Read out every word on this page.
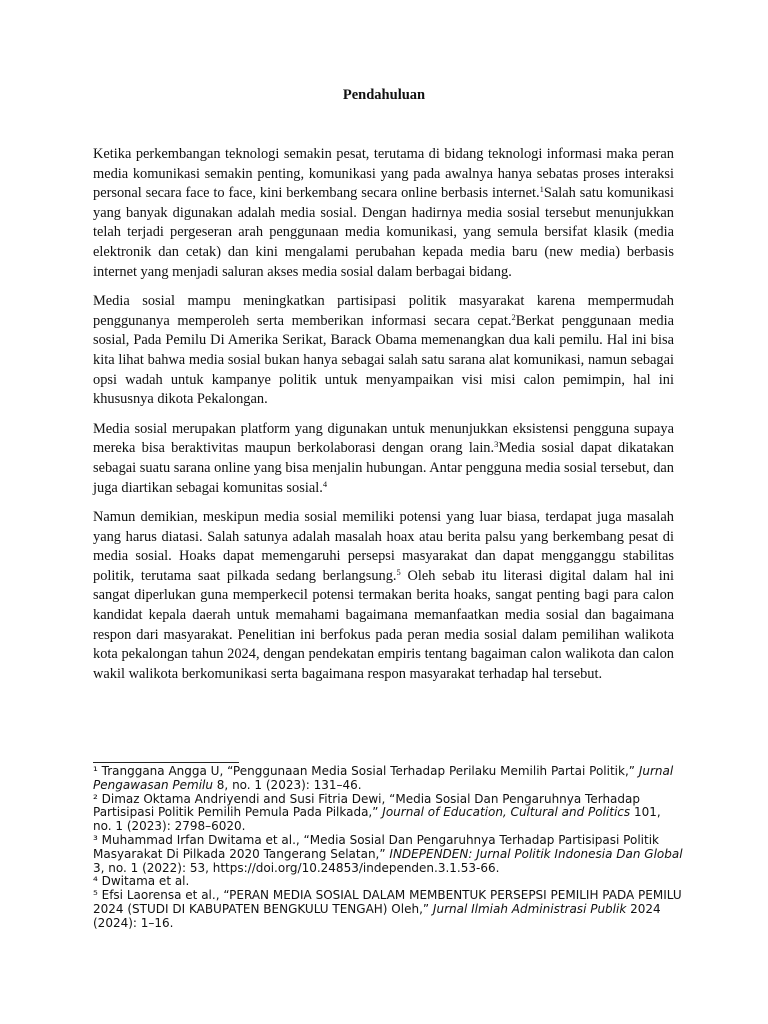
Pendahuluan

Ketika perkembangan teknologi semakin pesat, terutama di bidang teknologi informasi maka peran media komunikasi semakin penting, komunikasi yang pada awalnya hanya sebatas proses interaksi personal secara face to face, kini berkembang secara online berbasis internet.$^1$Salah satu komunikasi yang banyak digunakan adalah media sosial. Dengan hadirnya media sosial tersebut menunjukkan telah terjadi pergeseran arah penggunaan media komunikasi, yang semula bersifat klasik (media elektronik dan cetak) dan kini mengalami perubahan kepada media baru (new media) berbasis internet yang menjadi saluran akses media sosial dalam berbagai bidang.

Media sosial mampu meningkatkan partisipasi politik masyarakat karena mempermudah penggunanya memperoleh serta memberikan informasi secara cepat.$^2$Berkat penggunaan media sosial, Pada Pemilu Di Amerika Serikat, Barack Obama memenangkan dua kali pemilu. Hal ini bisa kita lihat bahwa media sosial bukan hanya sebagai salah satu sarana alat komunikasi, namun sebagai opsi wadah untuk kampanye politik untuk menyampaikan visi misi calon pemimpin, hal ini khususnya dikota Pekalongan.

Media sosial merupakan platform yang digunakan untuk menunjukkan eksistensi pengguna supaya mereka bisa beraktivitas maupun berkolaborasi dengan orang lain.$^3$Media sosial dapat dikatakan sebagai suatu sarana online yang bisa menjalin hubungan. Antar pengguna media sosial tersebut, dan juga diartikan sebagai komunitas sosial.$^4$

Namun demikian, meskipun media sosial memiliki potensi yang luar biasa, terdapat juga masalah yang harus diatasi. Salah satunya adalah masalah hoax atau berita palsu yang berkembang pesat di media sosial. Hoaks dapat memengaruhi persepsi masyarakat dan dapat mengganggu stabilitas politik, terutama saat pilkada sedang berlangsung.$^5$ Oleh sebab itu literasi digital dalam hal ini sangat diperlukan guna memperkecil potensi termakan berita hoaks, sangat penting bagi para calon kandidat kepala daerah untuk memahami bagaimana memanfaatkan media sosial dan bagaimana respon dari masyarakat. Penelitian ini berfokus pada peran media sosial dalam pemilihan walikota kota pekalongan tahun 2024, dengan pendekatan empiris tentang bagaiman calon walikota dan calon wakil walikota berkomunikasi serta bagaimana respon masyarakat terhadap hal tersebut.

¹ Tranggana Angga U, “Penggunaan Media Sosial Terhadap Perilaku Memilih Partai Politik,” Jurnal Pengawasan Pemilu 8, no. 1 (2023): 131–46.

² Dimaz Oktama Andriyendi and Susi Fitria Dewi, “Media Sosial Dan Pengaruhnya Terhadap Partisipasi Politik Pemilih Pemula Pada Pilkada,” Journal of Education, Cultural and Politics 101, no. 1 (2023): 2798–6020.

³ Muhammad Irfan Dwitama et al., “Media Sosial Dan Pengaruhnya Terhadap Partisipasi Politik Masyarakat Di Pilkada 2020 Tangerang Selatan,” INDEPENDEN: Jurnal Politik Indonesia Dan Global 3, no. 1 (2022): 53, https://doi.org/10.24853/independen.3.1.53-66.

⁴ Dwitama et al.

⁵ Efsi Laorensa et al., “PERAN MEDIA SOSIAL DALAM MEMBENTUK PERSEPSI PEMILIH PADA PEMILU 2024 (STUDI DI KABUPATEN BENGKULU TENGAH) Oleh,” Jurnal Ilmiah Administrasi Publik 2024 (2024): 1–16.
